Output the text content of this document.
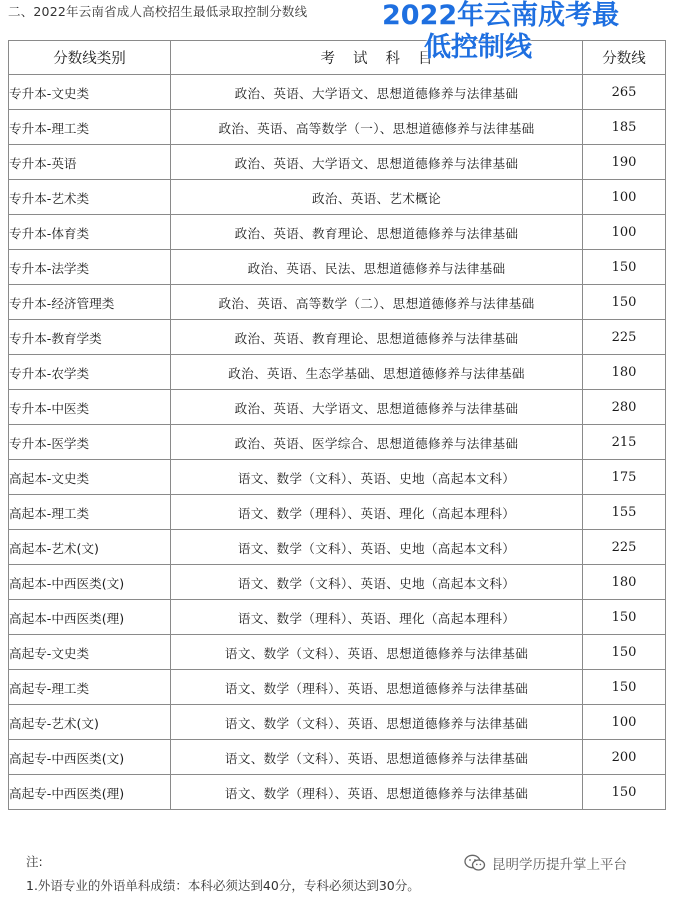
二、2022年云南省成人高校招生最低录取控制分数线	2022年云南成考最

低控制线
分数线类别	考试科目	分数线
专升本-文史类	政治、英语、大学语文、思想道德修养与法律基础	265
专升本-理工类	政治、英语、高等数学（一）、思想道德修养与法律基础	185
专升本-英语	政治、英语、大学语文、思想道德修养与法律基础	190
专升本-艺术类	政治、英语、艺术概论	100
专升本-体育类	政治、英语、教育理论、思想道德修养与法律基础	100
专升本-法学类	政治、英语、民法、思想道德修养与法律基础	150
专升本-经济管理类	政治、英语、高等数学（二）、思想道德修养与法律基础	150
专升本-教育学类	政治、英语、教育理论、思想道德修养与法律基础	225
专升本-农学类	政治、英语、生态学基础、思想道德修养与法律基础	180
专升本-中医类	政治、英语、大学语文、思想道德修养与法律基础	280
专升本-医学类	政治、英语、医学综合、思想道德修养与法律基础	215
高起本-文史类	语文、数学（文科）、英语、史地（高起本文科）	175
高起本-理工类	语文、数学（理科）、英语、理化（高起本理科）	155
高起本-艺术(文)	语文、数学（文科）、英语、史地（高起本文科）	225
高起本-中西医类(文)	语文、数学（文科）、英语、史地（高起本文科）	180
高起本-中西医类(理)	语文、数学（理科）、英语、理化（高起本理科）	150
高起专-文史类	语文、数学（文科）、英语、思想道德修养与法律基础	150
高起专-理工类	语文、数学（理科）、英语、思想道德修养与法律基础	150
高起专-艺术(文)	语文、数学（文科）、英语、思想道德修养与法律基础	100
高起专-中西医类(文)	语文、数学（文科）、英语、思想道德修养与法律基础	200
高起专-中西医类(理)	语文、数学（理科）、英语、思想道德修养与法律基础	150
注:
1.外语专业的外语单科成绩：本科必须达到40分，专科必须达到30分。
昆明学历提升掌上平台
